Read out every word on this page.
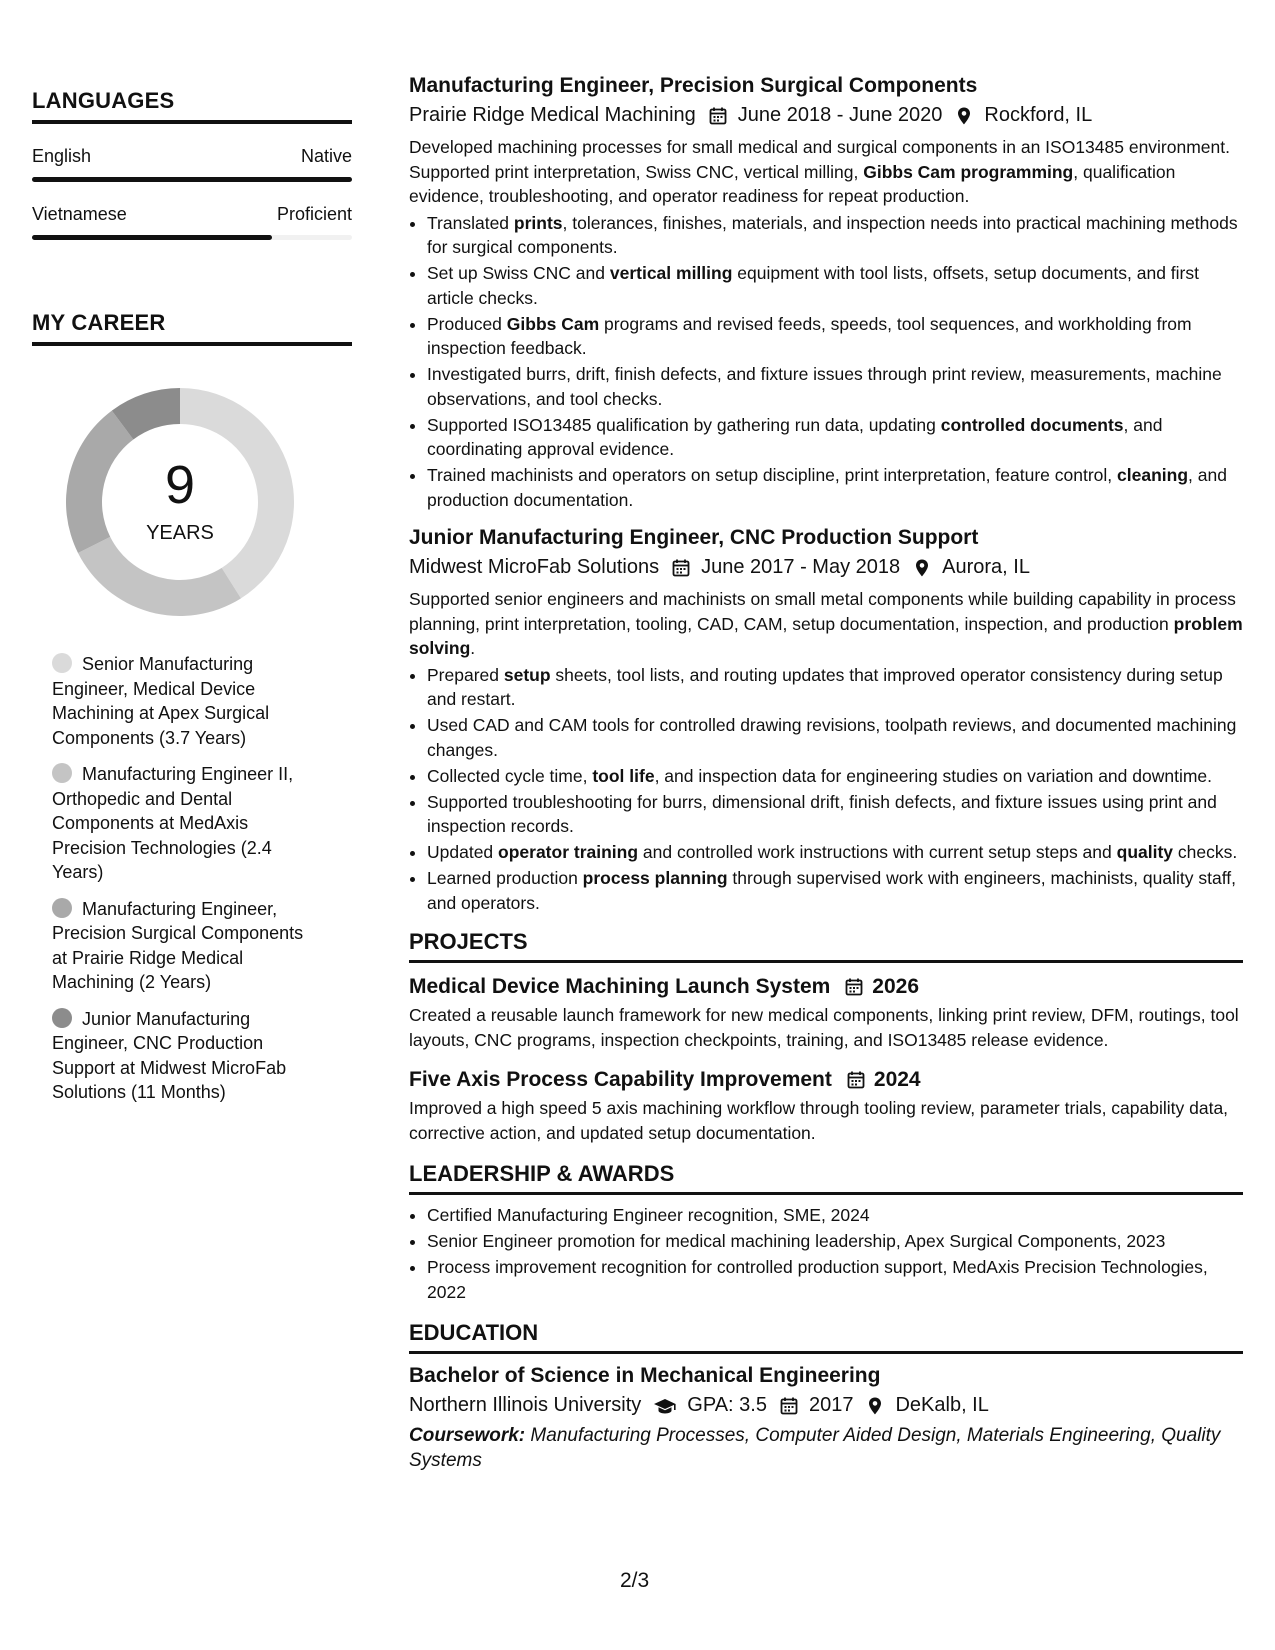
LANGUAGES
English	Native
Vietnamese	Proficient
MY CAREER
9
YEARS
Senior Manufacturing Engineer, Medical Device Machining at Apex Surgical Components (3.7 Years)
Manufacturing Engineer II, Orthopedic and Dental Components at MedAxis Precision Technologies (2.4 Years)
Manufacturing Engineer, Precision Surgical Components at Prairie Ridge Medical Machining (2 Years)
Junior Manufacturing Engineer, CNC Production Support at Midwest MicroFab Solutions (11 Months)
Manufacturing Engineer, Precision Surgical Components
Prairie Ridge Medical Machining June 2018 - June 2020 Rockford, IL

Developed machining processes for small medical and surgical components in an ISO13485 environment. Supported print interpretation, Swiss CNC, vertical milling, Gibbs Cam programming, qualification evidence, troubleshooting, and operator readiness for repeat production.

• Translated prints, tolerances, finishes, materials, and inspection needs into practical machining methods for surgical components.
• Set up Swiss CNC and vertical milling equipment with tool lists, offsets, setup documents, and first article checks.
• Produced Gibbs Cam programs and revised feeds, speeds, tool sequences, and workholding from inspection feedback.
• Investigated burrs, drift, finish defects, and fixture issues through print review, measurements, machine observations, and tool checks.
• Supported ISO13485 qualification by gathering run data, updating controlled documents, and coordinating approval evidence.
• Trained machinists and operators on setup discipline, print interpretation, feature control, cleaning, and production documentation.
Junior Manufacturing Engineer, CNC Production Support
Midwest MicroFab Solutions June 2017 - May 2018 Aurora, IL

Supported senior engineers and machinists on small metal components while building capability in process planning, print interpretation, tooling, CAD, CAM, setup documentation, inspection, and production problem solving.

• Prepared setup sheets, tool lists, and routing updates that improved operator consistency during setup and restart.
• Used CAD and CAM tools for controlled drawing revisions, toolpath reviews, and documented machining changes.
• Collected cycle time, tool life, and inspection data for engineering studies on variation and downtime.
• Supported troubleshooting for burrs, dimensional drift, finish defects, and fixture issues using print and inspection records.
• Updated operator training and controlled work instructions with current setup steps and quality checks.
• Learned production process planning through supervised work with engineers, machinists, quality staff, and operators.
PROJECTS
Medical Device Machining Launch System 2026

Created a reusable launch framework for new medical components, linking print review, DFM, routings, tool layouts, CNC programs, inspection checkpoints, training, and ISO13485 release evidence.

Five Axis Process Capability Improvement 2024

Improved a high speed 5 axis machining workflow through tooling review, parameter trials, capability data, corrective action, and updated setup documentation.

LEADERSHIP & AWARDS
• Certified Manufacturing Engineer recognition, SME, 2024
• Senior Engineer promotion for medical machining leadership, Apex Surgical Components, 2023
• Process improvement recognition for controlled production support, MedAxis Precision Technologies, 2022
EDUCATION
Bachelor of Science in Mechanical Engineering
Northern Illinois University GPA: 3.5 2017 DeKalb, IL
Coursework: Manufacturing Processes, Computer Aided Design, Materials Engineering, Quality Systems
2/3
